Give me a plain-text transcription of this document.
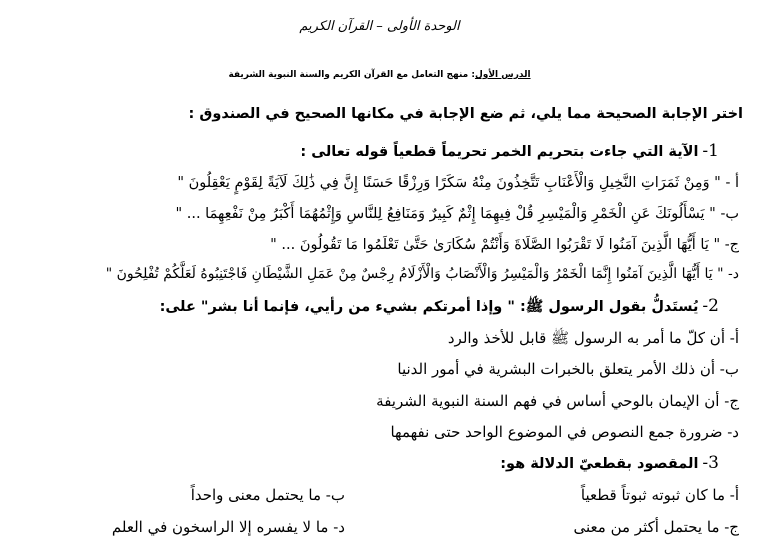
الوحدة الأولى – القرآن الكريم
الدرس الأول: منهج التعامل مع القرآن الكريم والسنة النبوية الشريفة
اختر الإجابة الصحيحة مما يلي، ثم ضع الإجابة في مكانها الصحيح في الصندوق :
1-الآية التي جاءت بتحريم الخمر تحريماً قطعياً قوله تعالى :
أ - " وَمِنْ ثَمَرَاتِ النَّخِيلِ وَالْأَعْنَابِ تَتَّخِذُونَ مِنْهُ سَكَرًا وَرِزْقًا حَسَنًا إِنَّ فِي ذَٰلِكَ لَآيَةً لِقَوْمٍ يَعْقِلُونَ "
ب- " يَسْأَلُونَكَ عَنِ الْخَمْرِ وَالْمَيْسِرِ قُلْ فِيهِمَا إِثْمٌ كَبِيرٌ وَمَنَافِعُ لِلنَّاسِ وَإِثْمُهُمَا أَكْبَرُ مِنْ نَفْعِهِمَا ... "
ج- " يَا أَيُّهَا الَّذِينَ آمَنُوا لَا تَقْرَبُوا الصَّلَاةَ وَأَنْتُمْ سُكَارَىٰ حَتَّىٰ تَعْلَمُوا مَا تَقُولُونَ ... "
د- " يَا أَيُّهَا الَّذِينَ آمَنُوا إِنَّمَا الْخَمْرُ وَالْمَيْسِرُ وَالْأَنْصَابُ وَالْأَزْلَامُ رِجْسٌ مِنْ عَمَلِ الشَّيْطَانِ فَاجْتَنِبُوهُ لَعَلَّكُمْ تُفْلِحُونَ "
2-يُستَدلُّ بقول الرسول ﷺ: " وإذا أمرتكم بشيء من رأيي، فإنما أنا بشر" على:
أ- أن كلّ ما أمر به الرسول ﷺ قابل للأخذ والرد
ب- أن ذلك الأمر يتعلق بالخبرات البشرية في أمور الدنيا
ج- أن الإيمان بالوحي أساس في فهم السنة النبوية الشريفة
د- ضرورة جمع النصوص في الموضوع الواحد حتى نفهمها
3-المقصود بقطعيّ الدلالة هو:
أ- ما كان ثبوته ثبوتاً قطعياً
ب- ما يحتمل معنى واحداً
ج- ما يحتمل أكثر من معنى
د- ما لا يفسره إلا الراسخون في العلم
